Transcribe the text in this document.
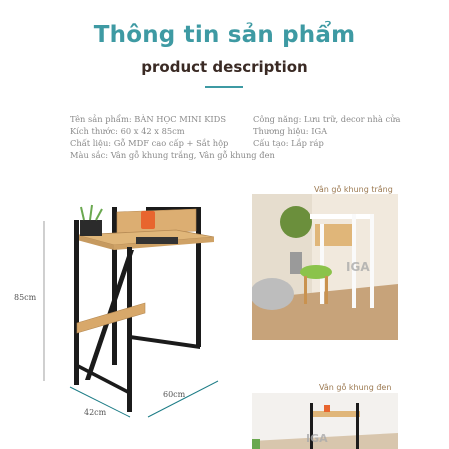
Thông tin sản phẩm
product description
Tên sản phẩm: BÀN HỌC MINI KIDS
Kích thước: 60 x 42 x 85cm
Chất liệu: Gỗ MDF cao cấp + Sắt hộp
Màu sắc: Vân gỗ khung trắng, Vân gỗ khung đen
Công năng: Lưu trữ, decor nhà cửa
Thương hiệu: IGA
Cấu tạo: Lắp ráp
85cm
60cm
42cm
Vân gỗ khung trắng
IGA
Vân gỗ khung đen
IGA
